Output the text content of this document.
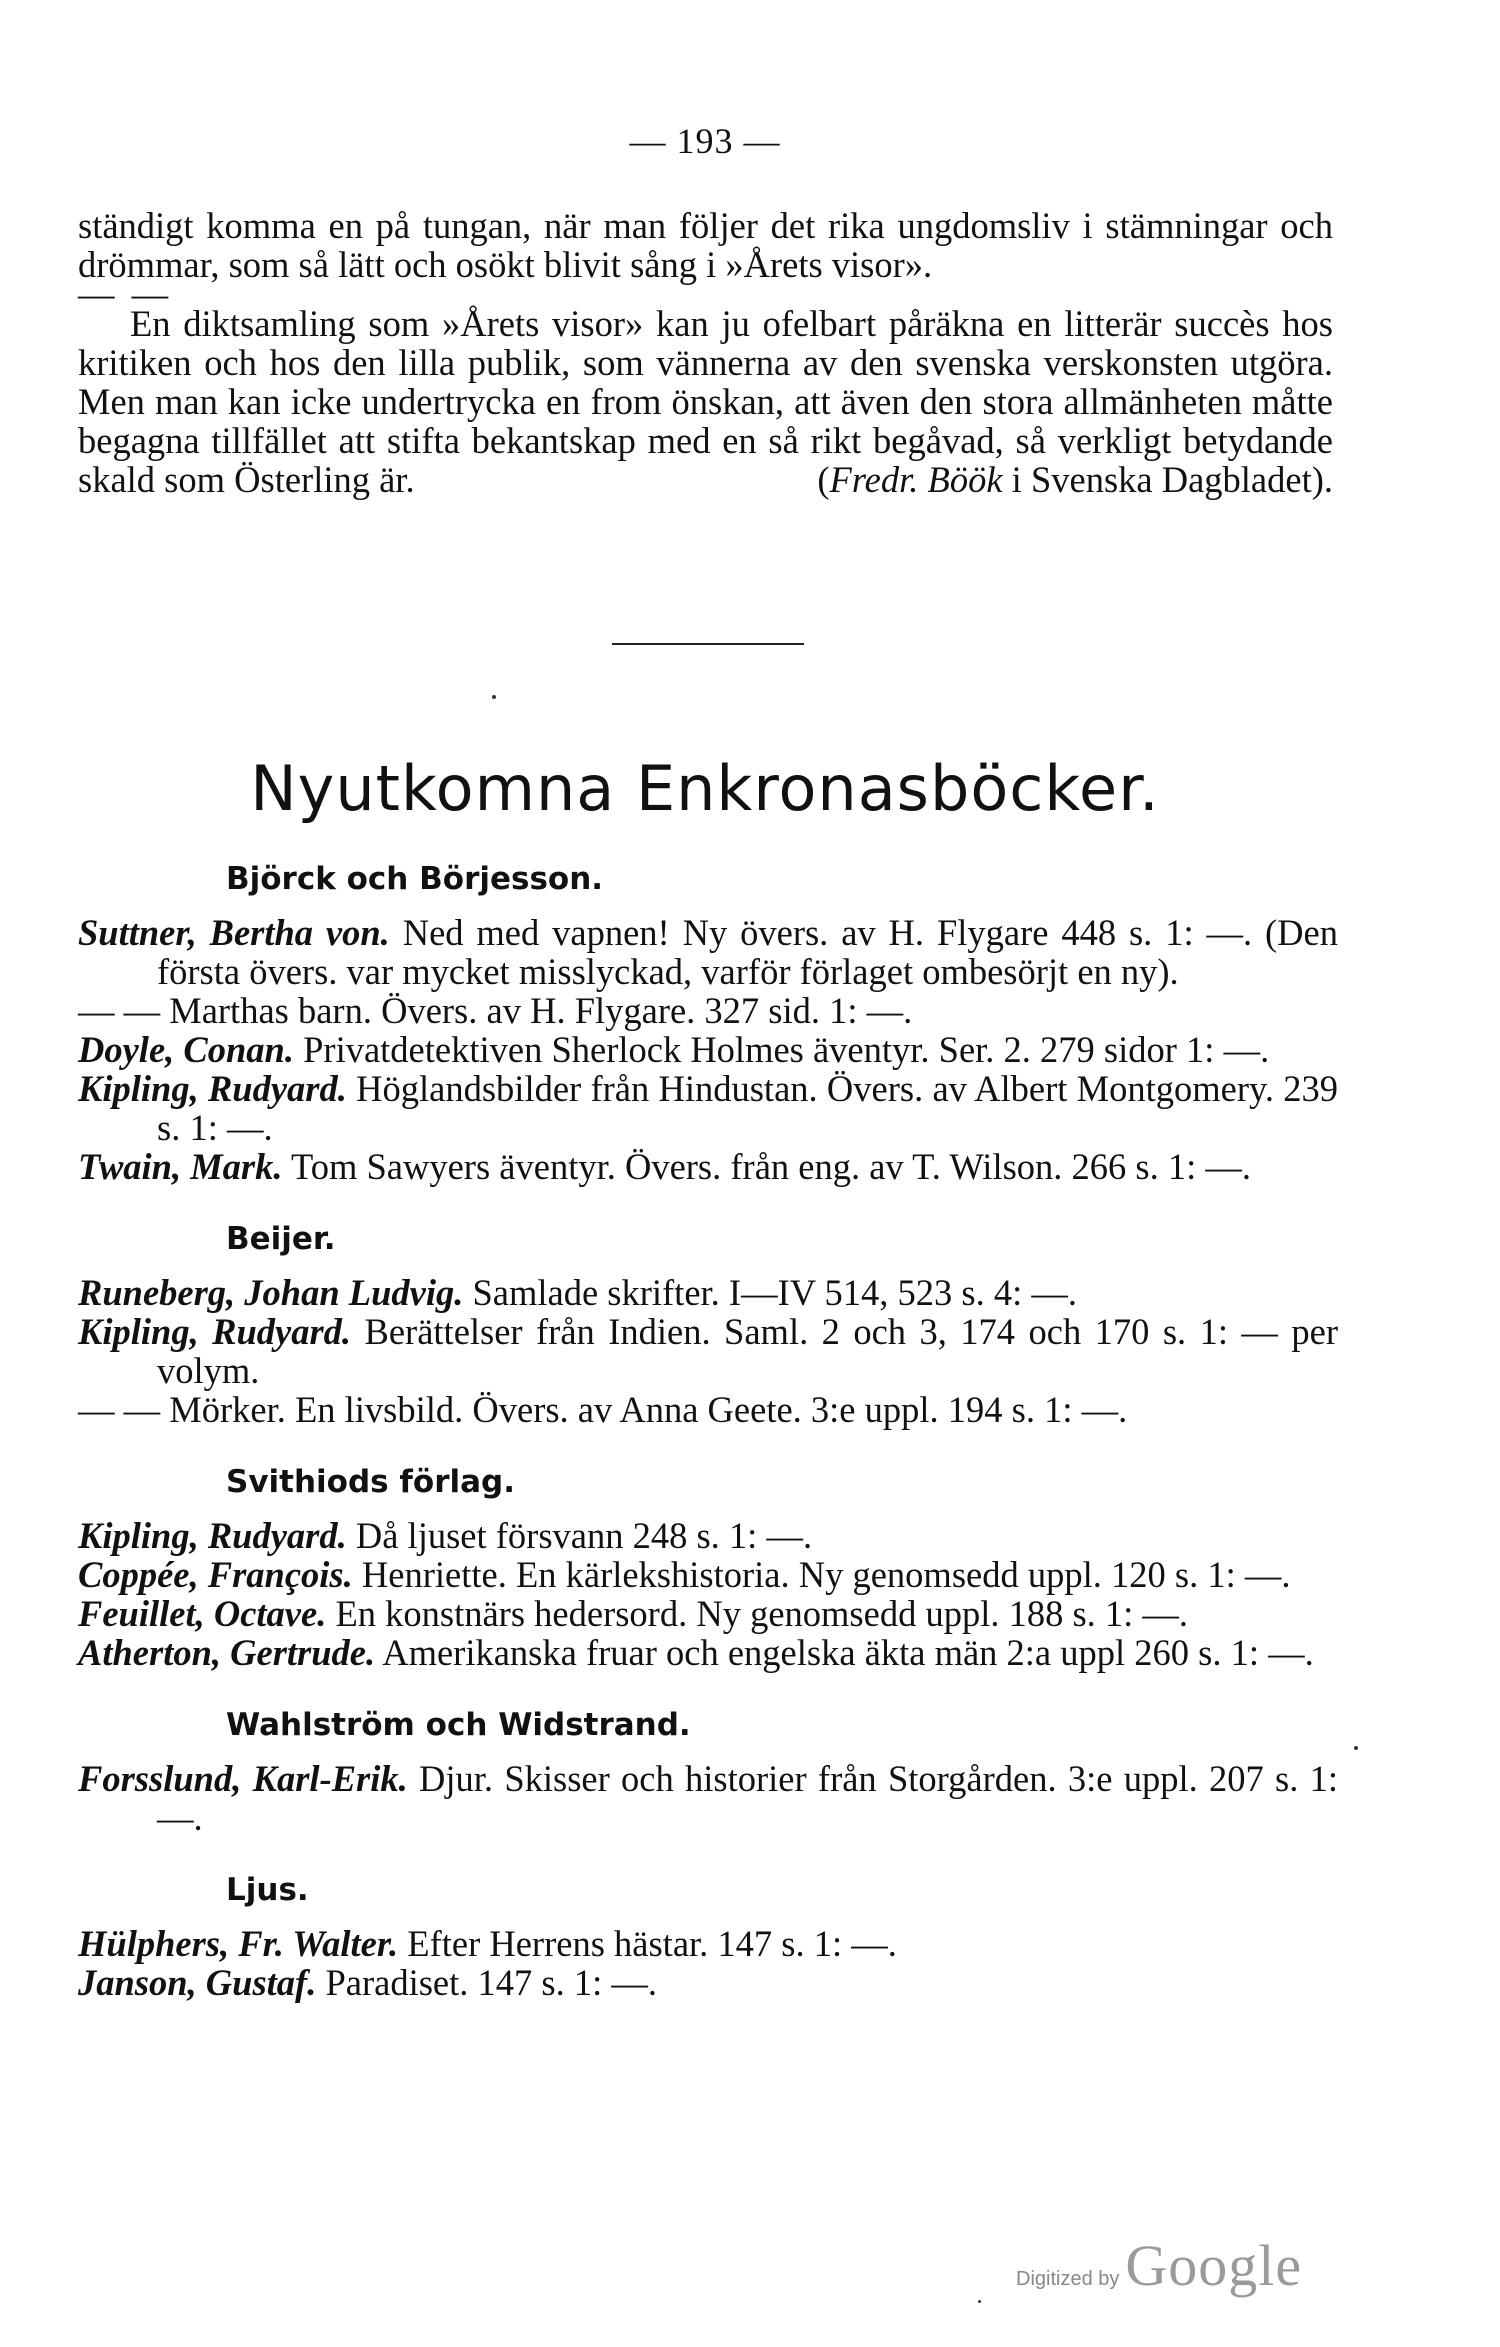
— 193 —

ständigt komma en på tungan, när man följer det rika ungdomsliv i stämningar och drömmar, som så lätt och osökt blivit sång i »Årets visor».

— —

En diktsamling som »Årets visor» kan ju ofelbart påräkna en litterär succès hos kritiken och hos den lilla publik, som vännerna av den svenska verskonsten utgöra. Men man kan icke undertrycka en from önskan, att även den stora allmänheten måtte begagna tillfället att stifta bekantskap med en så rikt begåvad, så verkligt betydande skald som Österling är.	(Fredr. Böök i Svenska Dagbladet).

Nyutkomna Enkronasböcker.
Björck och Börjesson.

Suttner, Bertha von. Ned med vapnen! Ny övers. av H. Flygare 448 s. 1: —. (Den första övers. var mycket misslyckad, varför förlaget ombesörjt en ny).

— — Marthas barn. Övers. av H. Flygare. 327 sid. 1: —.

Doyle, Conan. Privatdetektiven Sherlock Holmes äventyr. Ser. 2. 279 sidor 1: —.

Kipling, Rudyard. Höglandsbilder från Hindustan. Övers. av Albert Montgomery. 239 s. 1: —.

Twain, Mark. Tom Sawyers äventyr. Övers. från eng. av T. Wilson. 266 s. 1: —.

Beijer.

Runeberg, Johan Ludvig. Samlade skrifter. I—IV 514, 523 s. 4: —.

Kipling, Rudyard. Berättelser från Indien. Saml. 2 och 3, 174 och 170 s. 1: — per volym.

— — Mörker. En livsbild. Övers. av Anna Geete. 3:e uppl. 194 s. 1: —.

Svithiods förlag.

Kipling, Rudyard. Då ljuset försvann 248 s. 1: —.

Coppée, François. Henriette. En kärlekshistoria. Ny genomsedd uppl. 120 s. 1: —.

Feuillet, Octave. En konstnärs hedersord. Ny genomsedd uppl. 188 s. 1: —.

Atherton, Gertrude. Amerikanska fruar och engelska äkta män 2:a uppl 260 s. 1: —.

Wahlström och Widstrand.

Forsslund, Karl-Erik. Djur. Skisser och historier från Storgården. 3:e uppl. 207 s. 1: —.

Ljus.

Hülphers, Fr. Walter. Efter Herrens hästar. 147 s. 1: —.

Janson, Gustaf. Paradiset. 147 s. 1: —.

Digitized by Google
